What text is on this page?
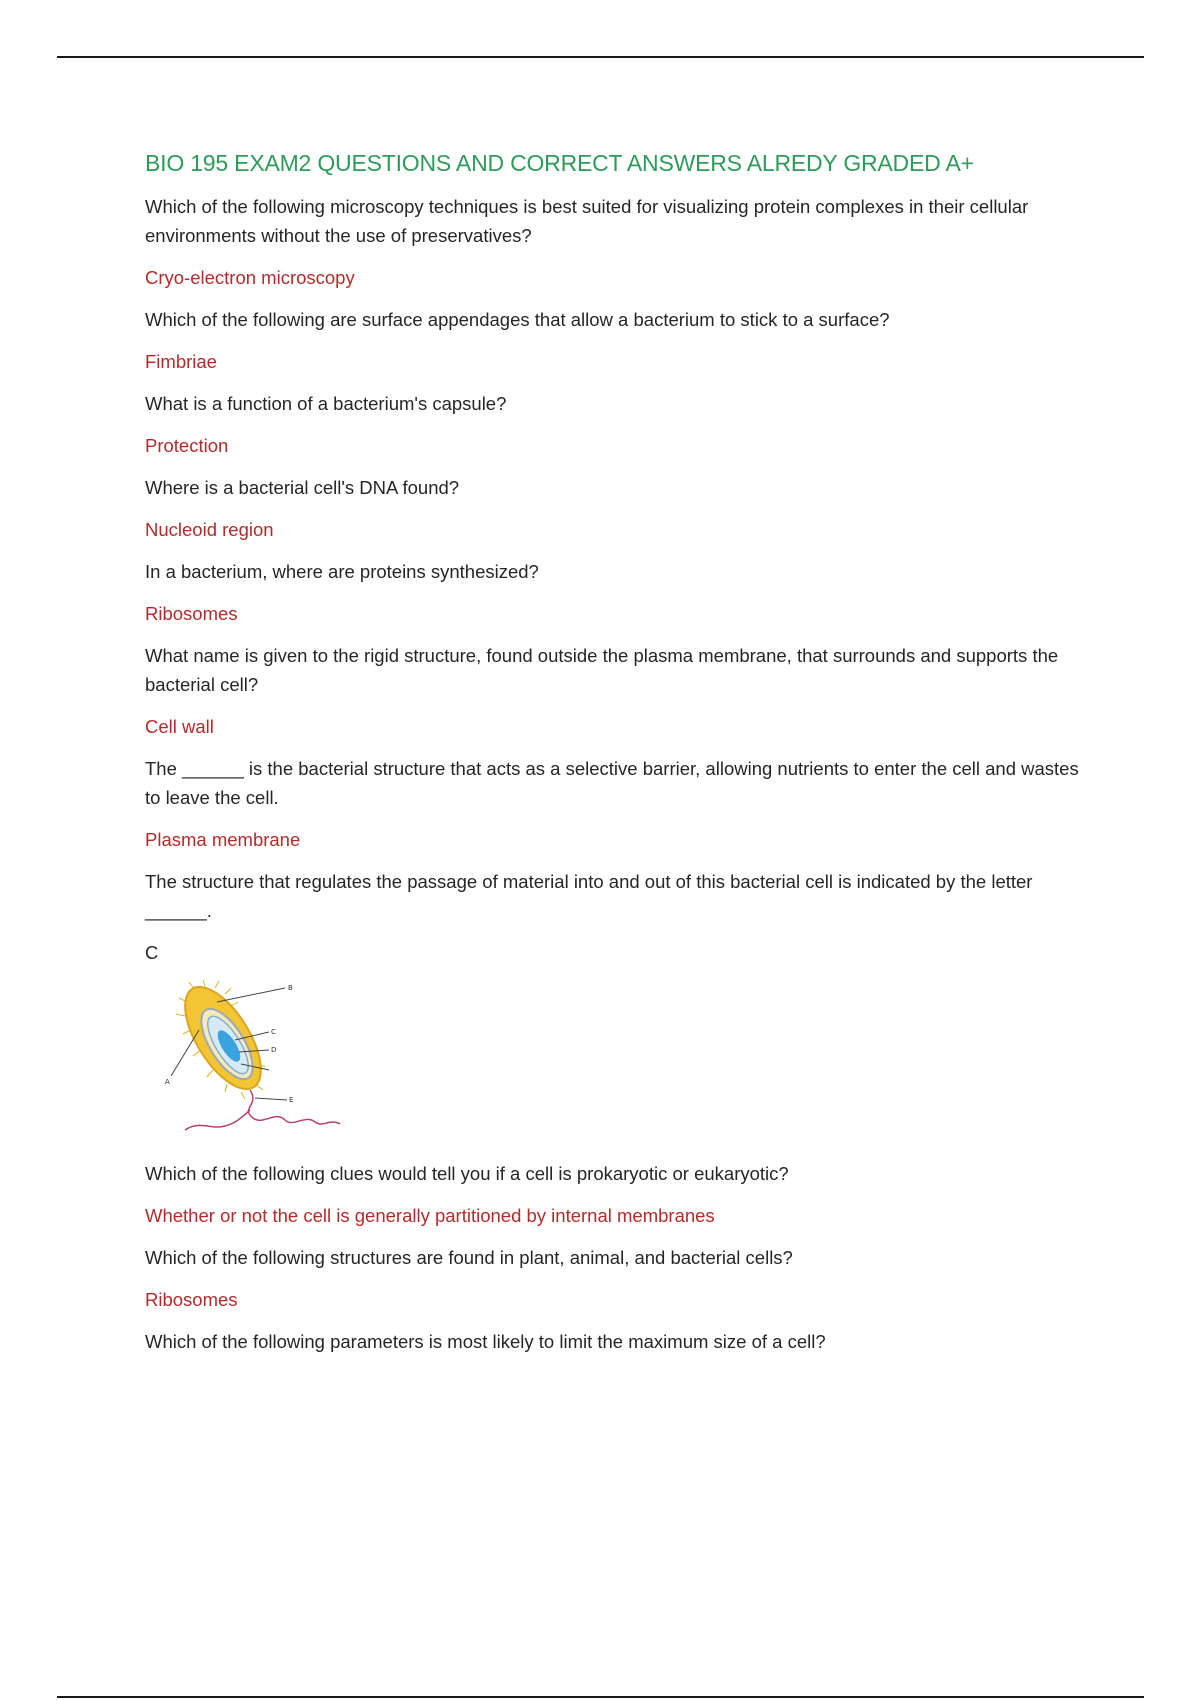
BIO 195 EXAM2 QUESTIONS AND CORRECT ANSWERS ALREDY GRADED A+
Which of the following microscopy techniques is best suited for visualizing protein complexes in their cellular environments without the use of preservatives?
Cryo-electron microscopy
Which of the following are surface appendages that allow a bacterium to stick to a surface?
Fimbriae
What is a function of a bacterium's capsule?
Protection
Where is a bacterial cell's DNA found?
Nucleoid region
In a bacterium, where are proteins synthesized?
Ribosomes
What name is given to the rigid structure, found outside the plasma membrane, that surrounds and supports the bacterial cell?
Cell wall
The ______ is the bacterial structure that acts as a selective barrier, allowing nutrients to enter the cell and wastes to leave the cell.
Plasma membrane
The structure that regulates the passage of material into and out of this bacterial cell is indicated by the letter ______.
C
B
C
D
E
A
Which of the following clues would tell you if a cell is prokaryotic or eukaryotic?
Whether or not the cell is generally partitioned by internal membranes
Which of the following structures are found in plant, animal, and bacterial cells?
Ribosomes
Which of the following parameters is most likely to limit the maximum size of a cell?
